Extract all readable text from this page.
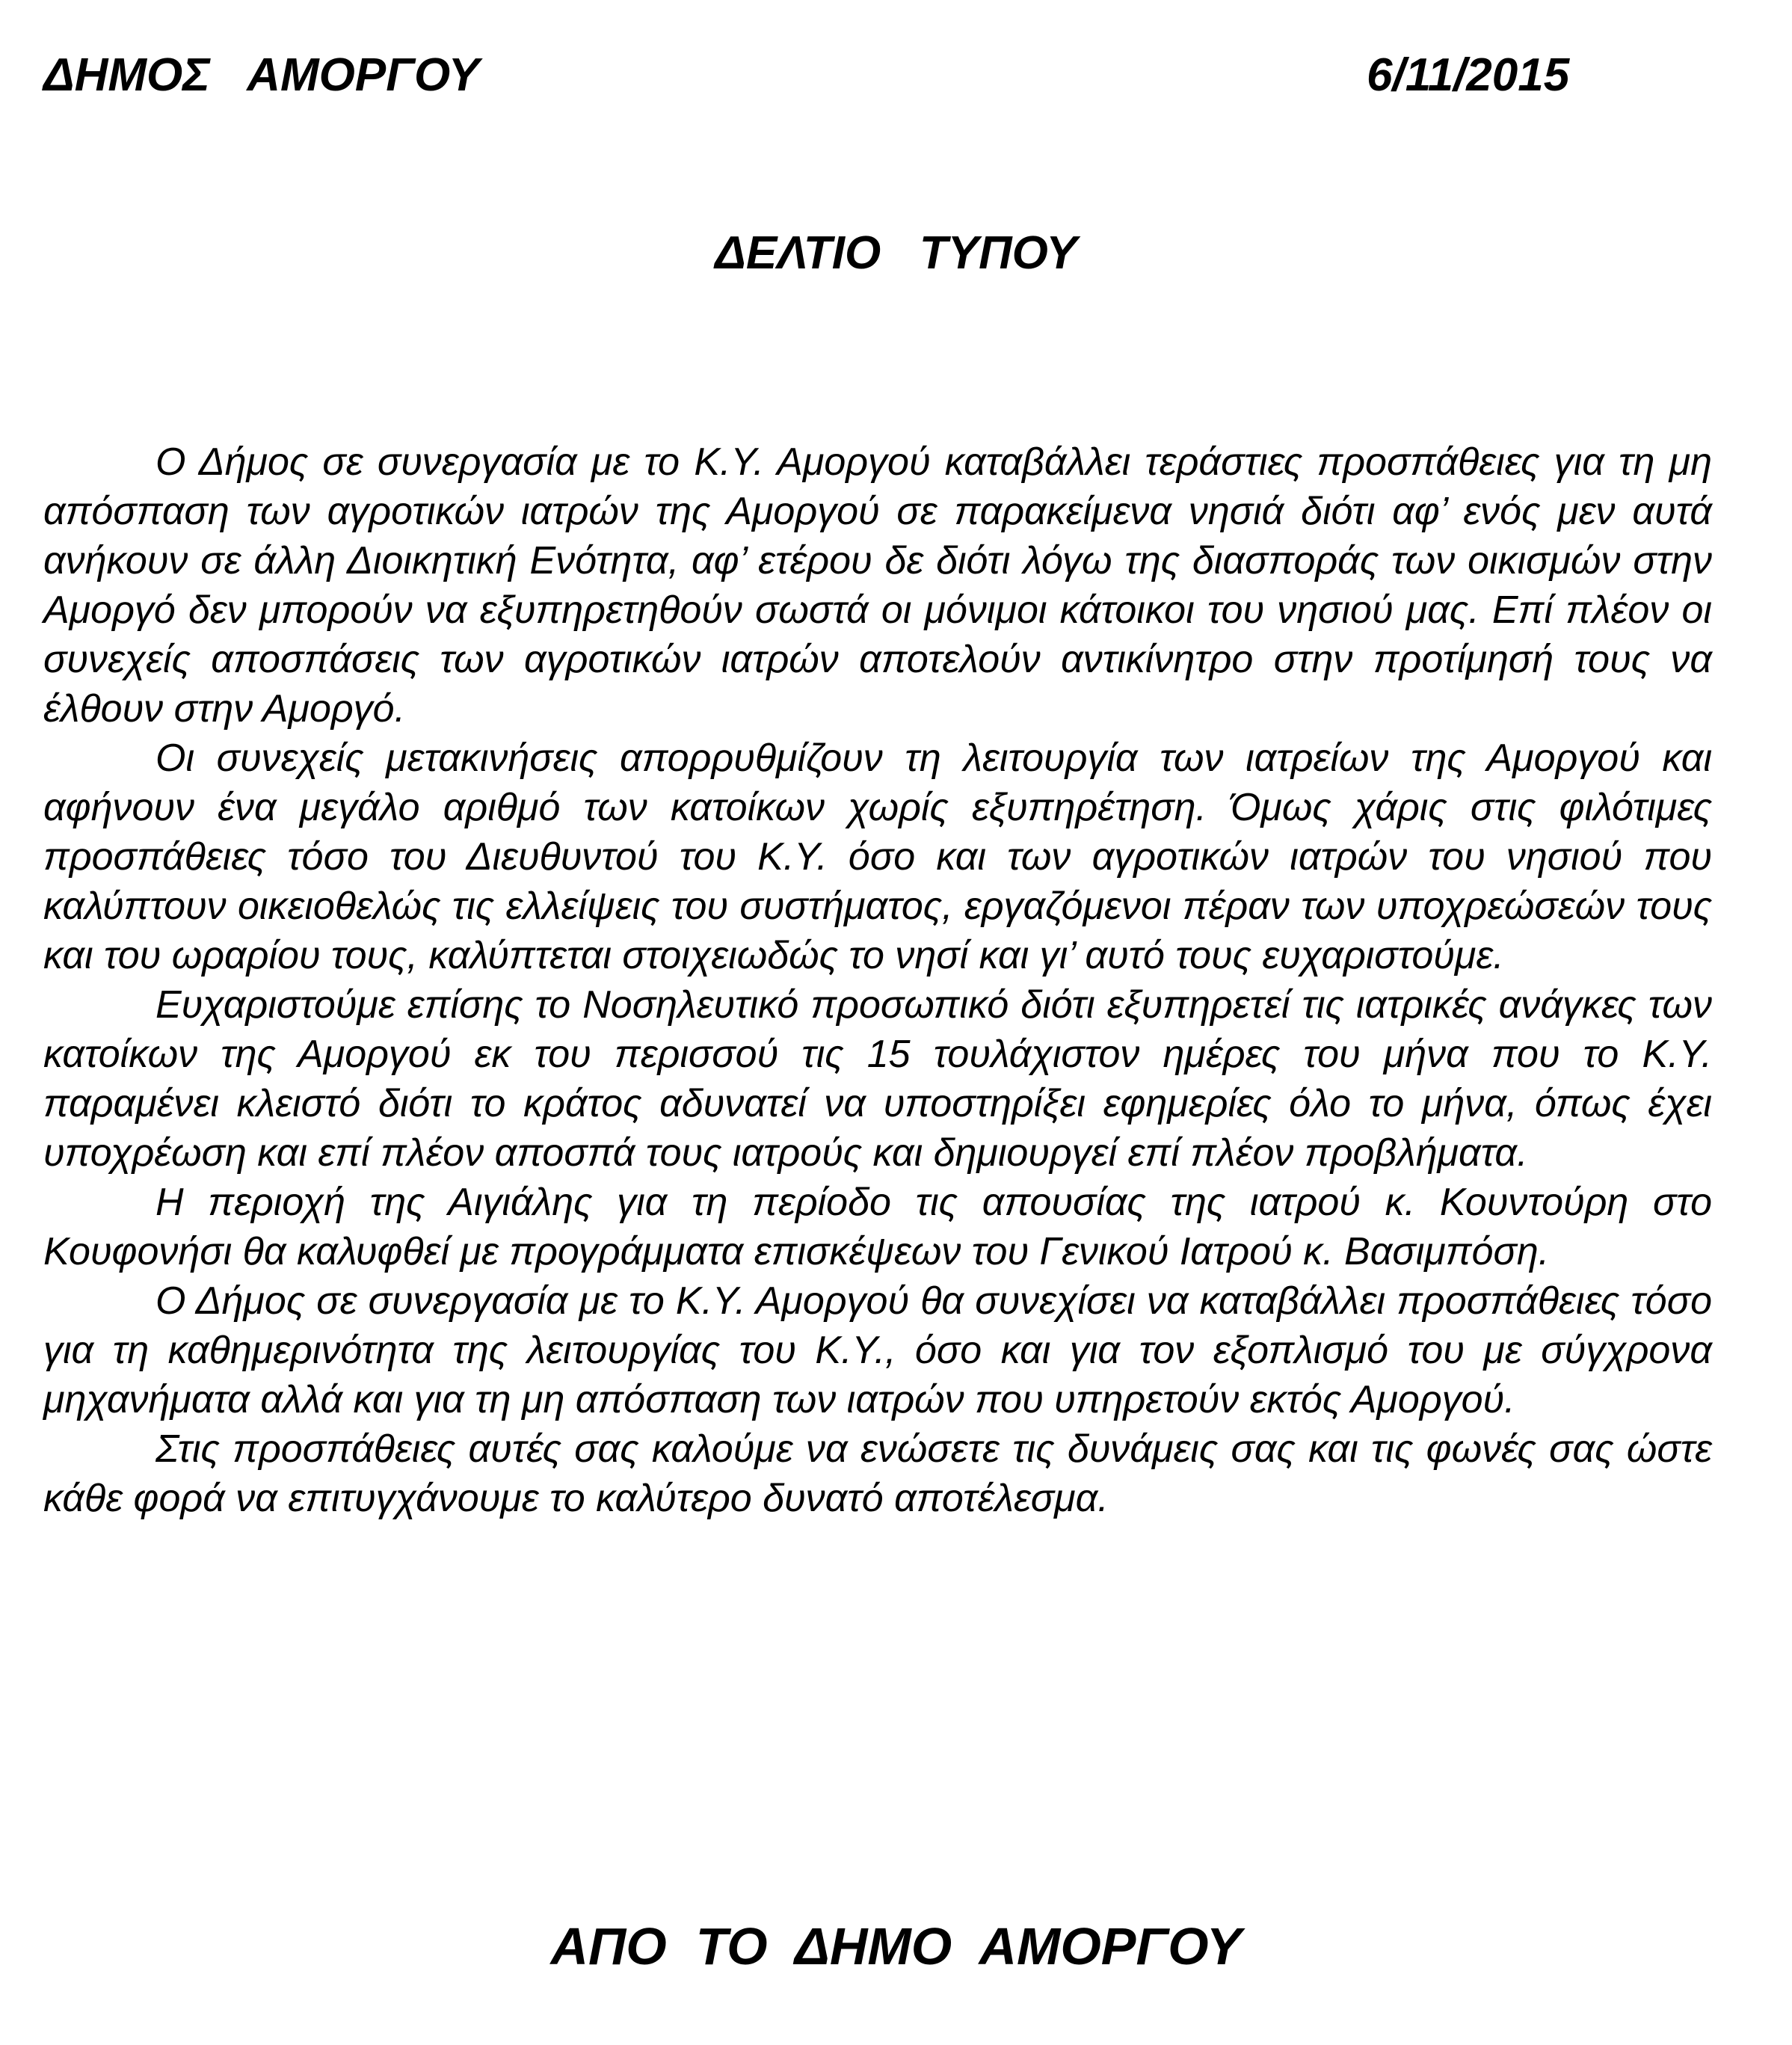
ΔΗΜΟΣ   ΑΜΟΡΓΟΥ	6/11/2015
ΔΕΛΤΙΟ   ΤΥΠΟΥ

Ο Δήμος σε συνεργασία με το Κ.Υ. Αμοργού καταβάλλει τεράστιες προσπάθειες για τη μη απόσπαση των αγροτικών ιατρών της Αμοργού σε παρακείμενα νησιά διότι αφ’ ενός μεν αυτά ανήκουν σε άλλη Διοικητική Ενότητα, αφ’ ετέρου δε διότι λόγω της διασποράς των οικισμών στην Αμοργό δεν μπορούν να εξυπηρετηθούν σωστά οι μόνιμοι κάτοικοι του νησιού μας. Επί πλέον οι συνεχείς αποσπάσεις των αγροτικών ιατρών αποτελούν αντικίνητρο στην προτίμησή τους να έλθουν στην Αμοργό.

Οι συνεχείς μετακινήσεις απορρυθμίζουν τη λειτουργία των ιατρείων της Αμοργού και αφήνουν ένα μεγάλο αριθμό των κατοίκων χωρίς εξυπηρέτηση. Όμως χάρις στις φιλότιμες προσπάθειες τόσο του Διευθυντού του Κ.Υ. όσο και των αγροτικών ιατρών του νησιού που καλύπτουν οικειοθελώς τις ελλείψεις του συστήματος, εργαζόμενοι πέραν των υποχρεώσεών τους και του ωραρίου τους, καλύπτεται στοιχειωδώς το νησί και γι’ αυτό τους ευχαριστούμε.

Ευχαριστούμε επίσης το Νοσηλευτικό προσωπικό διότι εξυπηρετεί τις ιατρικές ανάγκες των κατοίκων της Αμοργού εκ του περισσού τις 15 τουλάχιστον ημέρες του μήνα που το Κ.Υ. παραμένει κλειστό διότι το κράτος αδυνατεί να υποστηρίξει εφημερίες όλο το μήνα, όπως έχει υποχρέωση και επί πλέον αποσπά τους ιατρούς και δημιουργεί επί πλέον προβλήματα.

Η περιοχή της Αιγιάλης για τη περίοδο τις απουσίας της ιατρού κ. Κουντούρη στο Κουφονήσι θα καλυφθεί με προγράμματα επισκέψεων του Γενικού Ιατρού κ. Βασιμπόση.

Ο Δήμος σε συνεργασία με το Κ.Υ. Αμοργού θα συνεχίσει να καταβάλλει προσπάθειες τόσο για τη καθημερινότητα της λειτουργίας του Κ.Υ., όσο και για τον εξοπλισμό του με σύγχρονα μηχανήματα αλλά και για τη μη απόσπαση των ιατρών που υπηρετούν εκτός Αμοργού.

Στις προσπάθειες αυτές σας καλούμε να ενώσετε τις δυνάμεις σας και τις φωνές σας ώστε κάθε φορά να επιτυγχάνουμε το καλύτερο δυνατό αποτέλεσμα.

ΑΠΟ  ΤΟ  ΔΗΜΟ  ΑΜΟΡΓΟΥ
